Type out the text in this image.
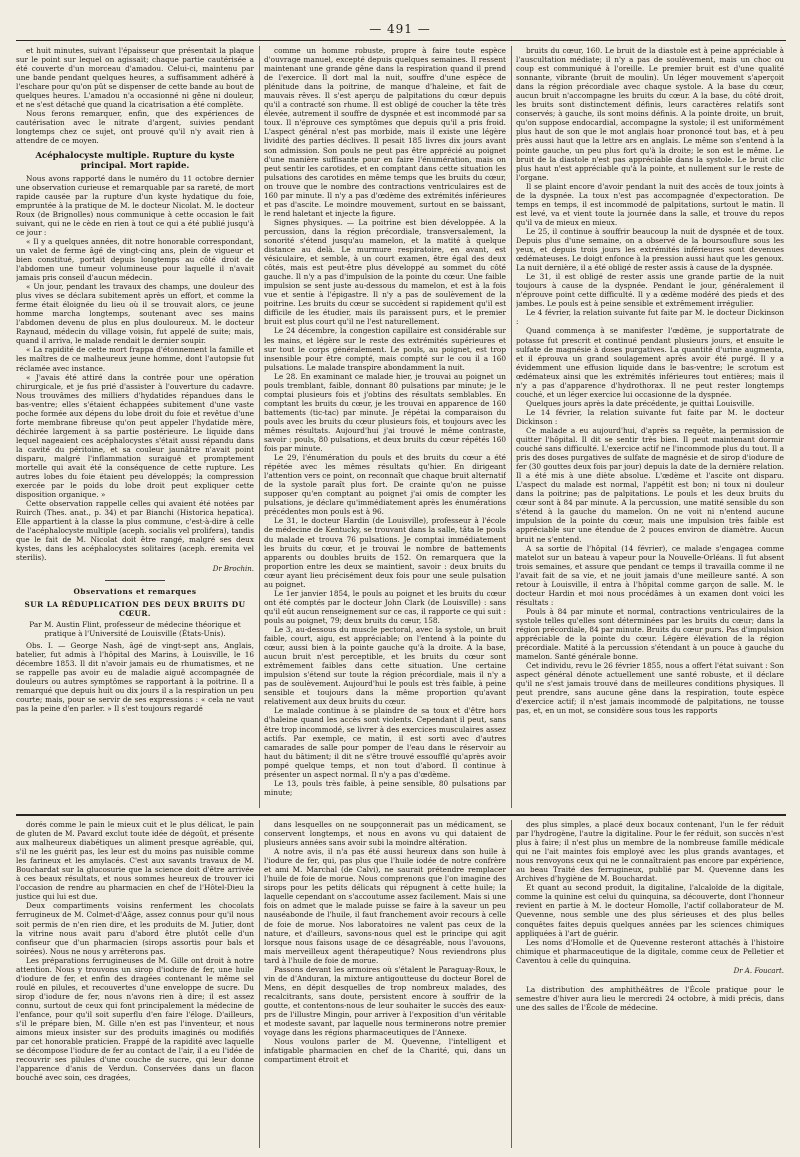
— 491 —

et huit minutes, suivant l'épaisseur que présentait la plaque sur le point sur lequel on agissait; chaque partie cautérisée a été couverte d'un morceau d'amadou. Celui-ci, maintenu par une bande pendant quelques heures, a suffisamment adhéré à l'eschare pour qu'on pût se dispenser de cette bande au bout de quelques heures. L'amadou n'a occasionné ni gêne ni douleur, et ne s'est détaché que quand la cicatrisation a été complète.

Nous ferons remarquer, enfin, que des expériences de cautérisation avec le nitrate d'argent, suivies pendant longtemps chez ce sujet, ont prouvé qu'il n'y avait rien à attendre de ce moyen.

Acéphalocyste multiple. Rupture du kyste principal. Mort rapide.

Nous avons rapporté dans le numéro du 11 octobre dernier une observation curieuse et remarquable par sa rareté, de mort rapide causée par la rupture d'un kyste hydatique du foie, empruntée à la pratique de M. le docteur Nicolat. M. le docteur Roux (de Brignolles) nous communique à cette occasion le fait suivant, qui ne le cède en rien à tout ce qui a été publié jusqu'à ce jour :

« Il y a quelques années, dit notre honorable correspondant, un valet de ferme âgé de vingt-cinq ans, plein de vigueur et bien constitué, portait depuis longtemps au côté droit de l'abdomen une tumeur volumineuse pour laquelle il n'avait jamais pris conseil d'aucun médecin.

« Un jour, pendant les travaux des champs, une douleur des plus vives se déclara subitement après un effort, et comme la ferme était éloignée du lieu où il se trouvait alors, ce jeune homme marcha longtemps, soutenant avec ses mains l'abdomen devenu de plus en plus douloureux. M. le docteur Raynaud, médecin du village voisin, fut appelé de suite; mais, quand il arriva, le malade rendait le dernier soupir.

« La rapidité de cette mort frappa d'étonnement la famille et les maîtres de ce malheureux jeune homme, dont l'autopsie fut réclamée avec instance.

« J'avais été attiré dans la contrée pour une opération chirurgicale, et je fus prié d'assister à l'ouverture du cadavre. Nous trouvâmes des milliers d'hydatides répandues dans le bas-ventre; elles s'étaient échappées subitement d'une vaste poche formée aux dépens du lobe droit du foie et revêtue d'une forte membrane fibreuse qu'on peut appeler l'hydatide mère, déchirée largement à sa partie postérieure. Le liquide dans lequel nageaient ces acéphalocystes s'était aussi répandu dans la cavité du péritoine, et sa couleur jaunâtre n'avait point disparu, malgré l'inflammation suraiguë et promptement mortelle qui avait été la conséquence de cette rupture. Les autres lobes du foie étaient peu développés; la compression exercée par le poids du lobe droit peut expliquer cette disposition organique. »

Cette observation rappelle celles qui avaient été notées par Ruirch (Thes. anat., p. 34) et par Bianchi (Historica hepatica). Elle appartient à la classe la plus commune, c'est-à-dire à celle de l'acéphalocyste multiple (aceph. socialis vel prolifera), tandis que le fait de M. Nicolat doit être rangé, malgré ses deux kystes, dans les acéphalocystes solitaires (aceph. eremita vel sterilis).

Dr Brochin.
Observations et remarques
SUR LA RÉDUPLICATION DES DEUX BRUITS DU CŒUR.
Par M. Austin Flint, professeur de médecine théorique et pratique à l'Université de Louisville (États-Unis).

Obs. I. — George Nash, âgé de vingt-sept ans, Anglais, batelier, fut admis à l'hôpital des Marins, à Louisville, le 16 décembre 1853. Il dit n'avoir jamais eu de rhumatismes, et ne se rappelle pas avoir eu de maladie aiguë accompagnée de douleurs ou autres symptômes se rapportant à la poitrine. Il a remarqué que depuis huit ou dix jours il a la respiration un peu courte; mais, pour se servir de ses expressions : « cela ne vaut pas la peine d'en parler. » Il s'est toujours regardé

comme un homme robuste, propre à faire toute espèce d'ouvrage manuel, excepté depuis quelques semaines. Il ressent maintenant une grande gêne dans la respiration quand il prend de l'exercice. Il dort mal la nuit, souffre d'une espèce de plénitude dans la poitrine, de manque d'haleine, et fait de mauvais rêves. Il s'est aperçu de palpitations du cœur depuis qu'il a contracté son rhume. Il est obligé de coucher la tête très élevée, autrement il souffre de dyspnée et est incommodé par sa toux. Il n'éprouve ces symptômes que depuis qu'il a pris froid. L'aspect général n'est pas morbide, mais il existe une légère lividité des parties déclives. Il pesait 185 livres dix jours avant son admission. Son pouls ne peut pas être apprécié au poignet d'une manière suffisante pour en faire l'énumération, mais on peut sentir les carotides, et en comptant dans cette situation les pulsations des carotides en même temps que les bruits du cœur, on trouve que le nombre des contractions ventriculaires est de 160 par minute. Il n'y a pas d'œdème des extrémités inférieures et pas d'ascite. Le moindre mouvement, surtout en se baissant, le rend haletant et injecte la figure.

Signes physiques. — La poitrine est bien développée. A la percussion, dans la région précordiale, transversalement, la sonorité s'étend jusqu'au mamelon, et la matité à quelque distance au delà. Le murmure respiratoire, en avant, est vésiculaire, et semble, à un court examen, être égal des deux côtés, mais est peut-être plus développé au sommet du côté gauche. Il n'y a pas d'impulsion de la pointe du cœur. Une faible impulsion se sent juste au-dessous du mamelon, et est à la fois vue et sentie à l'épigastre. Il n'y a pas de soulèvement de la poitrine. Les bruits du cœur se succèdent si rapidement qu'il est difficile de les étudier, mais ils paraissent purs, et le premier bruit est plus court qu'il ne l'est naturellement.

Le 24 décembre, la congestion capillaire est considérable sur les mains, et légère sur le reste des extrémités supérieures et sur tout le corps généralement. Le pouls, au poignet, est trop insensible pour être compté, mais compté sur le cou il a 160 pulsations. Le malade transpire abondamment la nuit.

Le 28. En examinant ce malade hier, je trouvai au poignet un pouls tremblant, faible, donnant 80 pulsations par minute; je le comptai plusieurs fois et j'obtins des résultats semblables. En comptant les bruits du cœur, je les trouvai en apparence de 160 battements (tic-tac) par minute. Je répétai la comparaison du pouls avec les bruits du cœur plusieurs fois, et toujours avec les mêmes résultats. Aujourd'hui j'ai trouvé le même contraste, savoir : pouls, 80 pulsations, et deux bruits du cœur répétés 160 fois par minute.

Le 29, l'énumération du pouls et des bruits du cœur a été répétée avec les mêmes résultats qu'hier. En dirigeant l'attention vers ce point, on reconnaît que chaque bruit alternatif de la systole paraît plus fort. De crainte qu'on ne puisse supposer qu'en comptant au poignet j'ai omis de compter les pulsations, je déclare qu'immédiatement après les énumérations précédentes mon pouls est à 96.

Le 31, le docteur Hardin (de Louisville), professeur à l'école de médecine de Kentucky, se trouvant dans la salle, tâta le pouls du malade et trouva 76 pulsations. Je comptai immédiatement les bruits du cœur, et je trouvai le nombre de battements apparents ou doubles bruits de 152. On remarquera que la proportion entre les deux se maintient, savoir : deux bruits du cœur ayant lieu précisément deux fois pour une seule pulsation au poignet.

Le 1er janvier 1854, le pouls au poignet et les bruits du cœur ont été comptés par le docteur John Clark (de Louisville) : sans qu'il eût aucun renseignement sur ce cas, il rapporte ce qui suit : pouls au poignet, 79; deux bruits du cœur, 158.

Le 3, au-dessous du muscle pectoral, avec la systole, un bruit faible, court, aigu, est appréciable; on l'entend à la pointe du cœur, aussi bien à la pointe gauche qu'à la droite. A la base, aucun bruit n'est perceptible, et les bruits du cœur sont extrêmement faibles dans cette situation. Une certaine impulsion s'étend sur toute la région précordiale, mais il n'y a pas de soulèvement. Aujourd'hui le pouls est très faible, à peine sensible et toujours dans la même proportion qu'avant relativement aux deux bruits du cœur.

Le malade continue à se plaindre de sa toux et d'être hors d'haleine quand les accès sont violents. Cependant il peut, sans être trop incommodé, se livrer à des exercices musculaires assez actifs. Par exemple, ce matin, il est sorti avec d'autres camarades de salle pour pomper de l'eau dans le réservoir au haut du bâtiment; il dit ne s'être trouvé essoufflé qu'après avoir pompé quelque temps, et non tout d'abord. Il continue à présenter un aspect normal. Il n'y a pas d'œdème.

Le 13, pouls très faible, à peine sensible, 80 pulsations par minute;

bruits du cœur, 160. Le bruit de la diastole est à peine appréciable à l'auscultation médiate; il n'y a pas de soulèvement, mais un choc ou coup est communiqué à l'oreille. Le premier bruit est d'une qualité sonnante, vibrante (bruit de moulin). Un léger mouvement s'aperçoit dans la région précordiale avec chaque systole. A la base du cœur, aucun bruit n'accompagne les bruits du cœur. A la base, du côté droit, les bruits sont distinctement définis, leurs caractères relatifs sont conservés; à gauche, ils sont moins définis. A la pointe droite, un bruit, qu'on suppose endocardial, accompagne la systole; il est uniformément plus haut de son que le mot anglais hoar prononcé tout bas, et à peu près aussi haut que la lettre ars en anglais. Le même son s'entend à la pointe gauche, un peu plus fort qu'à la droite; le son est le même. Le bruit de la diastole n'est pas appréciable dans la systole. Le bruit clic plus haut n'est appréciable qu'à la pointe, et nullement sur le reste de l'organe.

Il se plaint encore d'avoir pendant la nuit des accès de toux joints à de la dyspnée. La toux n'est pas accompagnée d'expectoration. De temps en temps, il est incommodé de palpitations, surtout le matin. Il est levé, va et vient toute la journée dans la salle, et trouve du repos qu'il va de mieux en mieux.

Le 25, il continue à souffrir beaucoup la nuit de dyspnée et de toux. Depuis plus d'une semaine, on a observé de la boursouflure sous les yeux, et depuis trois jours les extrémités inférieures sont devenues œdémateuses. Le doigt enfonce à la pression aussi haut que les genoux. La nuit dernière, il a été obligé de rester assis à cause de la dyspnée.

Le 31, il est obligé de rester assis une grande partie de la nuit toujours à cause de la dyspnée. Pendant le jour, généralement il n'éprouve point cette difficulté. Il y a œdème modéré des pieds et des jambes. Le pouls est à peine sensible et extrêmement irrégulier.

Le 4 février, la relation suivante fut faite par M. le docteur Dickinson :

Quand commença à se manifester l'œdème, je supportatrate de potasse fut prescrit et continué pendant plusieurs jours, et ensuite le sulfate de magnésie à doses purgatives. La quantité d'urine augmenta, et il éprouva un grand soulagement après avoir été purgé. Il y a évidemment une effusion liquide dans le bas-ventre; le scrotum est œdémateux ainsi que les extrémités inférieures tout entières; mais il n'y a pas d'apparence d'hydrothorax. Il ne peut rester longtemps couché, et un léger exercice lui occasionne de la dyspnée.

Quelques jours après la date précédente, je quittai Louisville.

Le 14 février, la relation suivante fut faite par M. le docteur Dickinson :

Ce malade a eu aujourd'hui, d'après sa requête, la permission de quitter l'hôpital. Il dit se sentir très bien. Il peut maintenant dormir couché sans difficulté. L'exercice actif ne l'incommode plus du tout. Il a pris des doses purgatives de sulfate de magnésie et de sirop d'iodure de fer (30 gouttes deux fois par jour) depuis la date de la dernière relation. Il a été mis à une diète absolue. L'œdème et l'ascite ont disparu. L'aspect du malade est normal, l'appétit est bon; ni toux ni douleur dans la poitrine; pas de palpitations. Le pouls et les deux bruits du cœur sont à 84 par minute. A la percussion, une matité sensible du son s'étend à la gauche du mamelon. On ne voit ni n'entend aucune impulsion de la pointe du cœur, mais une impulsion très faible est appréciable sur une étendue de 2 pouces environ de diamètre. Aucun bruit ne s'entend.

A sa sortie de l'hôpital (14 février), ce malade s'engagea comme matelot sur un bateau à vapeur pour la Nouvelle-Orléans. Il fut absent trois semaines, et assure que pendant ce temps il travailla comme il ne l'avait fait de sa vie, et ne jouit jamais d'une meilleure santé. A son retour à Louisville, il entra à l'hôpital comme garçon de salle. M. le docteur Hardin et moi nous procédâmes à un examen dont voici les résultats :

Pouls à 84 par minute et normal, contractions ventriculaires de la systole telles qu'elles sont déterminées par les bruits du cœur; dans la région précordiale, 84 par minute. Bruits du cœur purs. Pas d'impulsion appréciable de la pointe du cœur. Légère élévation de la région précordiale. Matité à la percussion s'étendant à un pouce à gauche du mamelon. Santé générale bonne.

Cet individu, revu le 26 février 1855, nous a offert l'état suivant : Son aspect général dénote actuellement une santé robuste, et il déclare qu'il ne s'est jamais trouvé dans de meilleures conditions physiques. Il peut prendre, sans aucune gêne dans la respiration, toute espèce d'exercice actif; il n'est jamais incommodé de palpitations, ne tousse pas, et, en un mot, se considère sous tous les rapports

dorés comme le pain le mieux cuit et le plus délicat, le pain de gluten de M. Pavard exclut toute idée de dégoût, et présente aux malheureux diabétiques un aliment presque agréable, qui, s'il ne les guérit pas, les leur est du moins pas nuisible comme les farineux et les amylacés. C'est aux savants travaux de M. Bouchardat sur la glucosurie que la science doit d'être arrivée à ces beaux résultats, et nous sommes heureux de trouver ici l'occasion de rendre au pharmacien en chef de l'Hôtel-Dieu la justice qui lui est due.

Deux compartiments voisins renferment les chocolats ferrugineux de M. Colmet-d'Aâge, assez connus pour qu'il nous soit permis de n'en rien dire, et les produits de M. Jutier, dont la vitrine nous avait paru d'abord être plutôt celle d'un confiseur que d'un pharmacien (sirops assortis pour bals et soirées). Nous ne nous y arrêterons pas.

Les préparations ferrugineuses de M. Gille ont droit à notre attention. Nous y trouvons un sirop d'iodure de fer, une huile d'iodure de fer, et enfin des dragées contenant le même sel roulé en pilules, et recouvertes d'une enveloppe de sucre. Du sirop d'iodure de fer, nous n'avons rien à dire; il est assez connu, surtout de ceux qui font principalement la médecine de l'enfance, pour qu'il soit superflu d'en faire l'éloge. D'ailleurs, s'il le prépare bien, M. Gille n'en est pas l'inventeur, et nous aimons mieux insister sur des produits imaginés ou modifiés par cet honorable praticien. Frappé de la rapidité avec laquelle se décompose l'iodure de fer au contact de l'air, il a eu l'idée de recouvrir ses pilules d'une couche de sucre, qui leur donne l'apparence d'anis de Verdun. Conservées dans un flacon bouché avec soin, ces dragées,

dans lesquelles on ne soupçonnerait pas un médicament, se conservent longtemps, et nous en avons vu qui dataient de plusieurs années sans avoir subi la moindre altération.

A notre avis, il n'a pas été aussi heureux dans son huile à l'iodure de fer, qui, pas plus que l'huile iodée de notre confrère et ami M. Marchal (de Calvi), ne saurait prétendre remplacer l'huile de foie de morue. Nous comprenons que l'on imagine des sirops pour les petits délicats qui répugnent à cette huile; la laquelle cependant on s'accoutume assez facilement. Mais si une fois on admet que le malade puisse se faire à la saveur un peu nauséabonde de l'huile, il faut franchement avoir recours à celle de foie de morue. Nos laboratoires ne valent pas ceux de la nature, et d'ailleurs, savons-nous quel est le principe qui agit lorsque nous faisons usage de ce désagréable, nous l'avouons, mais merveilleux agent thérapeutique? Nous reviendrons plus tard à l'huile de foie de morue.

Passons devant les armoires où s'étalent le Paraguay-Roux, le vin de d'Anduran, la mixture antigoutteuse du docteur Borel de Mens, en dépit desquelles de trop nombreux malades, des recalcitrants, sans doute, persistent encore à souffrir de la goutte, et contentons-nous de leur souhaiter le succès des eaux-prs de l'illustre Mingin, pour arriver à l'exposition d'un véritable et modeste savant, par laquelle nous terminerons notre premier voyage dans les régions pharmaceutiques de l'Annexe.

Nous voulons parler de M. Quevenne, l'intelligent et infatigable pharmacien en chef de la Charité, qui, dans un compartiment étroit et

des plus simples, a placé deux bocaux contenant, l'un le fer réduit par l'hydrogène, l'autre la digitaline. Pour le fer réduit, son succès n'est plus à faire; il n'est plus un membre de la nombreuse famille médicale qui ne l'ait maintes fois employé avec les plus grands avantages, et nous renvoyons ceux qui ne le connaîtraient pas encore par expérience, au beau Traité des ferrugineux, publié par M. Quevenne dans les Archives d'hygiène de M. Bouchardat.

Et quant au second produit, la digitaline, l'alcaloïde de la digitale, comme la quinine est celui du quinquina, sa découverte, dont l'honneur revient en partie à M. le docteur Homolle, l'actif collaborateur de M. Quevenne, nous semble une des plus sérieuses et des plus belles conquêtes faites depuis quelques années par les sciences chimiques appliquées à l'art de guérir.

Les noms d'Homolle et de Quevenne resteront attachés à l'histoire chimique et pharmaceutique de la digitale, comme ceux de Pelletier et Caventou à celle du quinquina.

Dr A. Foucart.

La distribution des amphithéâtres de l'École pratique pour le semestre d'hiver aura lieu le mercredi 24 octobre, à midi précis, dans une des salles de l'École de médecine.
